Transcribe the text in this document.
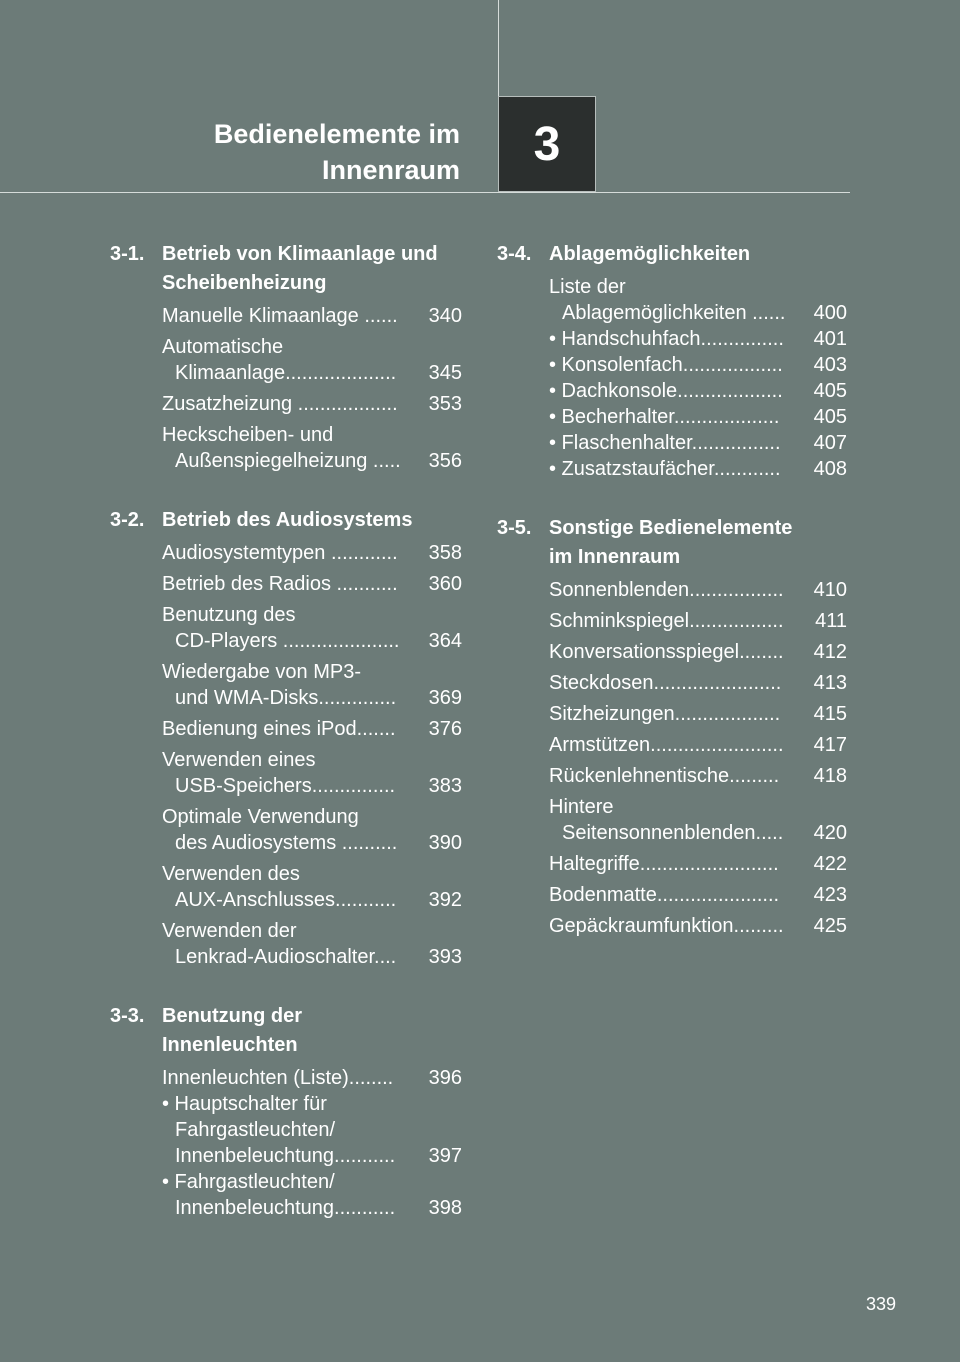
Bedienelemente im
Innenraum 3
3-1. Betrieb von Klimaanlage und
Scheibenheizung
Manuelle Klimaanlage ......	340
Automatische
Klimaanlage....................	345
Zusatzheizung ..................	353
Heckscheiben- und
Außenspiegelheizung .....	356
3-2. Betrieb des Audiosystems
Audiosystemtypen ............	358
Betrieb des Radios ...........	360
Benutzung des
CD-Players .....................	364
Wiedergabe von MP3-
und WMA-Disks..............	369
Bedienung eines iPod.......	376
Verwenden eines
USB-Speichers...............	383
Optimale Verwendung
des Audiosystems ..........	390
Verwenden des
AUX-Anschlusses...........	392
Verwenden der
Lenkrad-Audioschalter....	393
3-3. Benutzung der
Innenleuchten
Innenleuchten (Liste)........	396
• Hauptschalter für
Fahrgastleuchten/
Innenbeleuchtung...........	397
• Fahrgastleuchten/
Innenbeleuchtung...........	398
3-4. Ablagemöglichkeiten
Liste der
Ablagemöglichkeiten ......	400
• Handschuhfach...............	401
• Konsolenfach..................	403
• Dachkonsole...................	405
• Becherhalter...................	405
• Flaschenhalter................	407
• Zusatzstaufächer............	408
3-5. Sonstige Bedienelemente
im Innenraum
Sonnenblenden.................	410
Schminkspiegel.................	411
Konversationsspiegel........	412
Steckdosen.......................	413
Sitzheizungen...................	415
Armstützen........................	417
Rückenlehnentische.........	418
Hintere
Seitensonnenblenden.....	420
Haltegriffe.........................	422
Bodenmatte......................	423
Gepäckraumfunktion.........	425
339
